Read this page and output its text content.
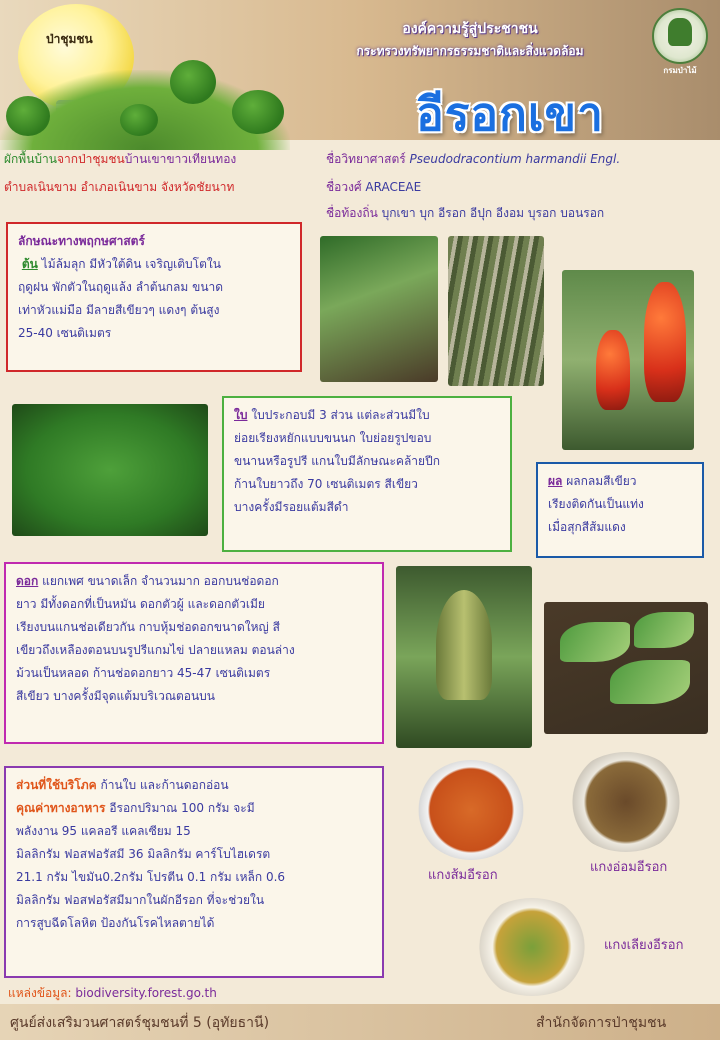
ป่าชุมชน
องค์ความรู้สู่ประชาชน
กระทรวงทรัพยากรธรรมชาติและสิ่งแวดล้อม
กรมป่าไม้
อีรอกเขา
ผักพื้นบ้านจากป่าชุมชนบ้านเขาขาวเทียนทอง
ตำบลเนินขาม อำเภอเนินขาม จังหวัดชัยนาท
ชื่อวิทยาศาสตร์ Pseudodracontium harmandii Engl.
ชื่อวงศ์ ARACEAE
ชื่อท้องถิ่น บุกเขา บุก อีรอก อีปุก อีงอม บุรอก บอนรอก

ลักษณะทางพฤกษศาสตร์

ต้น ไม้ล้มลุก มีหัวใต้ดิน เจริญเติบโตใน

ฤดูฝน พักตัวในฤดูแล้ง ลำต้นกลม ขนาด

เท่าหัวแม่มือ มีลายสีเขียวๆ แดงๆ ต้นสูง

25-40 เซนติเมตร

ใบ ใบประกอบมี 3 ส่วน แต่ละส่วนมีใบ

ย่อยเรียงหยักแบบขนนก ใบย่อยรูปขอบ

ขนานหรือรูปรี แกนใบมีลักษณะคล้ายปีก

ก้านใบยาวถึง 70 เซนติเมตร สีเขียว

บางครั้งมีรอยแต้มสีดำ

ผล ผลกลมสีเขียว

เรียงติดกันเป็นแท่ง

เมื่อสุกสีส้มแดง

ดอก แยกเพศ ขนาดเล็ก จำนวนมาก ออกบนช่อดอก

ยาว มีทั้งดอกที่เป็นหมัน ดอกตัวผู้ และดอกตัวเมีย

เรียงบนแกนช่อเดียวกัน กาบหุ้มช่อดอกขนาดใหญ่ สี

เขียวถึงเหลืองตอนบนรูปรีแกมไข่ ปลายแหลม ตอนล่าง

ม้วนเป็นหลอด ก้านช่อดอกยาว 45-47 เซนติเมตร

สีเขียว บางครั้งมีจุดแต้มบริเวณตอนบน

ส่วนที่ใช้บริโภค ก้านใบ และก้านดอกอ่อน

คุณค่าทางอาหาร อีรอกปริมาณ 100 กรัม จะมี

พลังงาน 95 แคลอรี แคลเซียม 15

มิลลิกรัม ฟอสฟอรัสมี 36 มิลลิกรัม คาร์โบไฮเดรต

21.1 กรัม ไขมัน0.2กรัม โปรตีน 0.1 กรัม เหล็ก 0.6

มิลลิกรัม ฟอสฟอรัสมีมากในผักอีรอก ที่จะช่วยใน

การสูบฉีดโลหิต ป้องกันโรคไหลตายได้

แกงส้มอีรอก
แกงอ่อมอีรอก
แกงเลียงอีรอก
แหล่งข้อมูล: biodiversity.forest.go.th
ศูนย์ส่งเสริมวนศาสตร์ชุมชนที่ 5 (อุทัยธานี)	สำนักจัดการป่าชุมชน
